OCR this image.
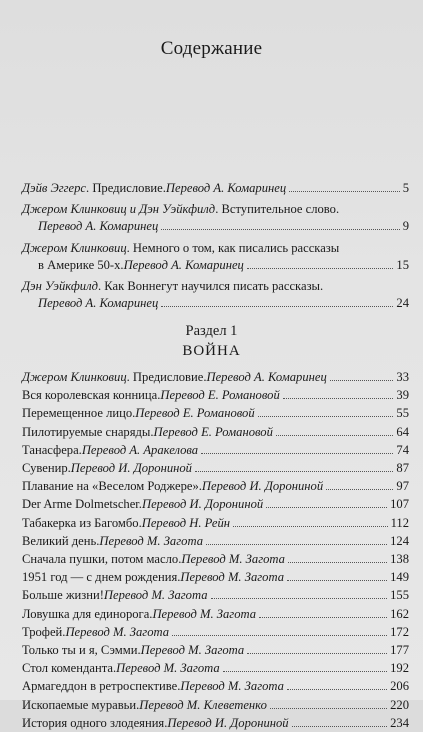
Содержание
Дэйв Эггерс . Предисловие. Перевод А. Комаринец	5
Джером Клинковиц и Дэн Уэйкфилд . Вступительное слово.
Перевод А. Комаринец	9
Джером Клинковиц . Немного о том, как писались рассказы
в Америке 50-х. Перевод А. Комаринец	15
Дэн Уэйкфилд . Как Воннегут научился писать рассказы.
Перевод А. Комаринец	24
Джером Клинковиц . Предисловие. Перевод А. Комаринец	33
Вся королевская конница. Перевод Е. Романовой	39
Перемещенное лицо. Перевод Е. Романовой	55
Пилотируемые снаряды. Перевод Е. Романовой	64
Танасфера. Перевод А. Аракелова	74
Сувенир. Перевод И. Дорониной	87
Плавание на «Веселом Роджере». Перевод И. Дорониной	97
Der Arme Dolmetscher. Перевод И. Дорониной	107
Табакерка из Багомбо. Перевод Н. Рейн	112
Великий день. Перевод М. Загота	124
Сначала пушки, потом масло. Перевод М. Загота	138
1951 год — с днем рождения. Перевод М. Загота	149
Больше жизни! Перевод М. Загота	155
Ловушка для единорога. Перевод М. Загота	162
Трофей. Перевод М. Загота	172
Только ты и я, Сэмми. Перевод М. Загота	177
Стол коменданта. Перевод М. Загота	192
Армагеддон в ретроспективе. Перевод М. Загота	206
Ископаемые муравьи. Перевод М. Клеветенко	220
История одного злодеяния. Перевод И. Дорониной	234
Раздел 1
ВОЙНА
